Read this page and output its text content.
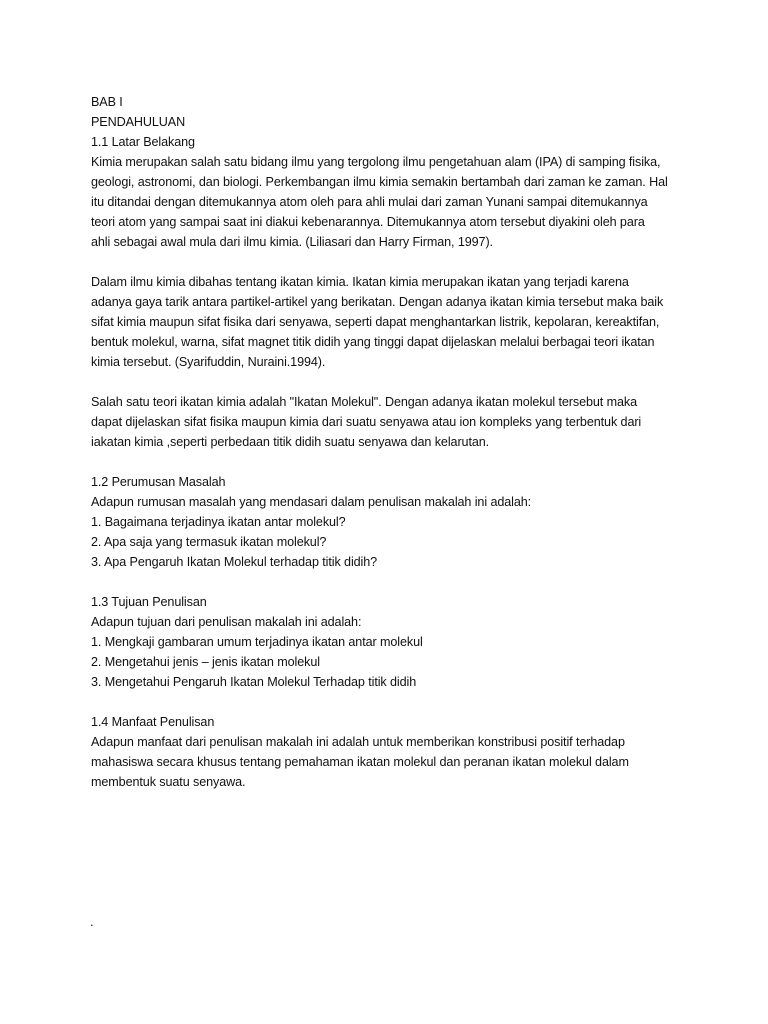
BAB I
PENDAHULUAN
1.1 Latar Belakang
Kimia merupakan salah satu bidang ilmu yang tergolong ilmu pengetahuan alam (IPA) di samping fisika,
geologi, astronomi, dan biologi. Perkembangan ilmu kimia semakin bertambah dari zaman ke zaman. Hal
itu ditandai dengan ditemukannya atom oleh para ahli mulai dari zaman Yunani sampai ditemukannya
teori atom yang sampai saat ini diakui kebenarannya. Ditemukannya atom tersebut diyakini oleh para
ahli sebagai awal mula dari ilmu kimia. (Liliasari dan Harry Firman, 1997).
Dalam ilmu kimia dibahas tentang ikatan kimia. Ikatan kimia merupakan ikatan yang terjadi karena
adanya gaya tarik antara partikel-artikel yang berikatan. Dengan adanya ikatan kimia tersebut maka baik
sifat kimia maupun sifat fisika dari senyawa, seperti dapat menghantarkan listrik, kepolaran, kereaktifan,
bentuk molekul, warna, sifat magnet titik didih yang tinggi dapat dijelaskan melalui berbagai teori ikatan
kimia tersebut. (Syarifuddin, Nuraini.1994).
Salah satu teori ikatan kimia adalah "Ikatan Molekul". Dengan adanya ikatan molekul tersebut maka
dapat dijelaskan sifat fisika maupun kimia dari suatu senyawa atau ion kompleks yang terbentuk dari
iakatan kimia ,seperti perbedaan titik didih suatu senyawa dan kelarutan.
1.2 Perumusan Masalah
Adapun rumusan masalah yang mendasari dalam penulisan makalah ini adalah:
1. Bagaimana terjadinya ikatan antar molekul?
2. Apa saja yang termasuk ikatan molekul?
3. Apa Pengaruh Ikatan Molekul terhadap titik didih?
1.3 Tujuan Penulisan
Adapun tujuan dari penulisan makalah ini adalah:
1. Mengkaji gambaran umum terjadinya ikatan antar molekul
2. Mengetahui jenis – jenis ikatan molekul
3. Mengetahui Pengaruh Ikatan Molekul Terhadap titik didih
1.4 Manfaat Penulisan
Adapun manfaat dari penulisan makalah ini adalah untuk memberikan konstribusi positif terhadap
mahasiswa secara khusus tentang pemahaman ikatan molekul dan peranan ikatan molekul dalam
membentuk suatu senyawa.
.
